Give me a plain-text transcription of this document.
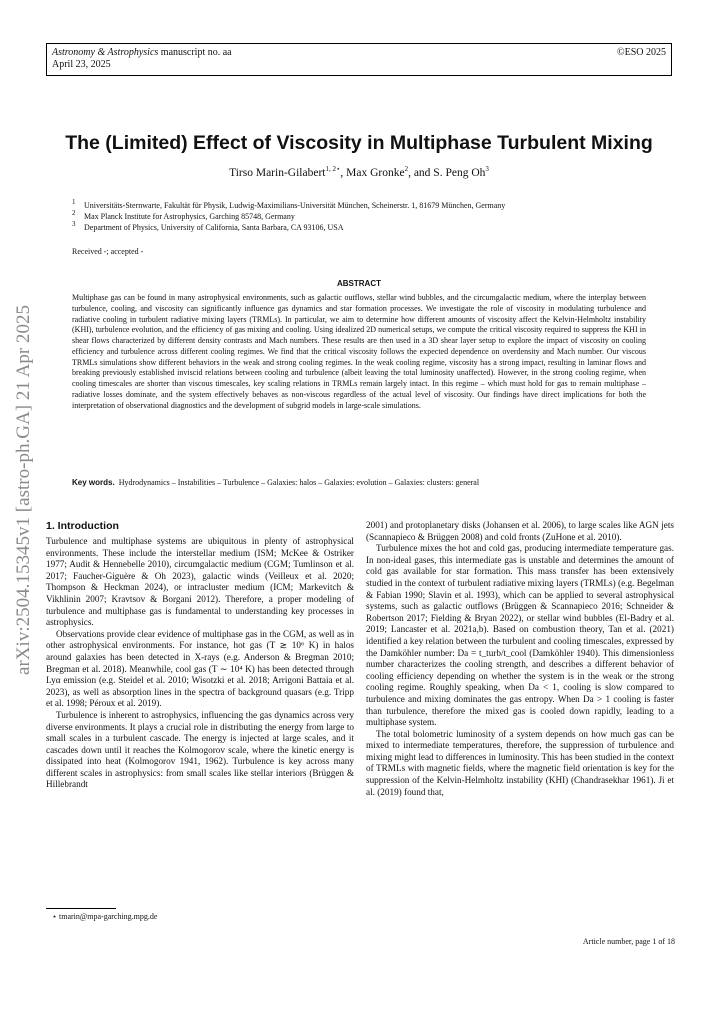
Astronomy & Astrophysics manuscript no. aa
April 23, 2025
©ESO 2025
arXiv:2504.15345v1 [astro-ph.GA] 21 Apr 2025
The (Limited) Effect of Viscosity in Multiphase Turbulent Mixing
Tirso Marin-Gilabert$^{1, 2⋆}$, Max Gronke$^2$, and S. Peng Oh$^3$
$^1$ Universitäts-Sternwarte, Fakultät für Physik, Ludwig-Maximilians-Universität München, Scheinerstr. 1, 81679 München, Germany
$^2$ Max Planck Institute for Astrophysics, Garching 85748, Germany
$^3$ Department of Physics, University of California, Santa Barbara, CA 93106, USA
Received -; accepted -
ABSTRACT
Multiphase gas can be found in many astrophysical environments, such as galactic outflows, stellar wind bubbles, and the circumgalactic medium, where the interplay between turbulence, cooling, and viscosity can significantly influence gas dynamics and star formation processes. We investigate the role of viscosity in modulating turbulence and radiative cooling in turbulent radiative mixing layers (TRMLs). In particular, we aim to determine how different amounts of viscosity affect the Kelvin-Helmholtz instability (KHI), turbulence evolution, and the efficiency of gas mixing and cooling. Using idealized 2D numerical setups, we compute the critical viscosity required to suppress the KHI in shear flows characterized by different density contrasts and Mach numbers. These results are then used in a 3D shear layer setup to explore the impact of viscosity on cooling efficiency and turbulence across different cooling regimes. We find that the critical viscosity follows the expected dependence on overdensity and Mach number. Our viscous TRMLs simulations show different behaviors in the weak and strong cooling regimes. In the weak cooling regime, viscosity has a strong impact, resulting in laminar flows and breaking previously established inviscid relations between cooling and turbulence (albeit leaving the total luminosity unaffected). However, in the strong cooling regime, when cooling timescales are shorter than viscous timescales, key scaling relations in TRMLs remain largely intact. In this regime – which must hold for gas to remain multiphase – radiative losses dominate, and the system effectively behaves as non-viscous regardless of the actual level of viscosity. Our findings have direct implications for both the interpretation of observational diagnostics and the development of subgrid models in large-scale simulations.
Key words. Hydrodynamics – Instabilities – Turbulence – Galaxies: halos – Galaxies: evolution – Galaxies: clusters: general
1. Introduction

Turbulence and multiphase systems are ubiquitous in plenty of astrophysical environments. These include the interstellar medium (ISM; McKee & Ostriker 1977; Audit & Hennebelle 2010), circumgalactic medium (CGM; Tumlinson et al. 2017; Faucher-Giguère & Oh 2023), galactic winds (Veilleux et al. 2020; Thompson & Heckman 2024), or intracluster medium (ICM; Markevitch & Vikhlinin 2007; Kravtsov & Borgani 2012). Therefore, a proper modeling of turbulence and multiphase gas is fundamental to understanding key processes in astrophysics.

Observations provide clear evidence of multiphase gas in the CGM, as well as in other astrophysical environments. For instance, hot gas (T ≳ 10⁶ K) in halos around galaxies has been detected in X-rays (e.g. Anderson & Bregman 2010; Bregman et al. 2018). Meanwhile, cool gas (T ∼ 10⁴ K) has been detected through Lyα emission (e.g. Steidel et al. 2010; Wisotzki et al. 2018; Arrigoni Battaia et al. 2023), as well as absorption lines in the spectra of background quasars (e.g. Tripp et al. 1998; Péroux et al. 2019).

Turbulence is inherent to astrophysics, influencing the gas dynamics across very diverse environments. It plays a crucial role in distributing the energy from large to small scales in a turbulent cascade. The energy is injected at large scales, and it cascades down until it reaches the Kolmogorov scale, where the kinetic energy is dissipated into heat (Kolmogorov 1941, 1962). Turbulence is key across many different scales in astrophysics: from small scales like stellar interiors (Brüggen & Hillebrandt

2001) and protoplanetary disks (Johansen et al. 2006), to large scales like AGN jets (Scannapieco & Brüggen 2008) and cold fronts (ZuHone et al. 2010).

Turbulence mixes the hot and cold gas, producing intermediate temperature gas. In non-ideal gases, this intermediate gas is unstable and determines the amount of cold gas available for star formation. This mass transfer has been extensively studied in the context of turbulent radiative mixing layers (TRMLs) (e.g. Begelman & Fabian 1990; Slavin et al. 1993), which can be applied to several astrophysical systems, such as galactic outflows (Brüggen & Scannapieco 2016; Schneider & Robertson 2017; Fielding & Bryan 2022), or stellar wind bubbles (El-Badry et al. 2019; Lancaster et al. 2021a,b). Based on combustion theory, Tan et al. (2021) identified a key relation between the turbulent and cooling timescales, expressed by the Damköhler number: Da = t_turb/t_cool (Damköhler 1940). This dimensionless number characterizes the cooling strength, and describes a different behavior of cooling efficiency depending on whether the system is in the weak or the strong cooling regime. Roughly speaking, when Da < 1, cooling is slow compared to turbulence and mixing dominates the gas entropy. When Da > 1 cooling is faster than turbulence, therefore the mixed gas is cooled down rapidly, leading to a multiphase system.

The total bolometric luminosity of a system depends on how much gas can be mixed to intermediate temperatures, therefore, the suppression of turbulence and mixing might lead to differences in luminosity. This has been studied in the context of TRMLs with magnetic fields, where the magnetic field orientation is key for the suppression of the Kelvin-Helmholtz instability (KHI) (Chandrasekhar 1961). Ji et al. (2019) found that,

⋆ tmarin@mpa-garching.mpg.de
Article number, page 1 of 18
